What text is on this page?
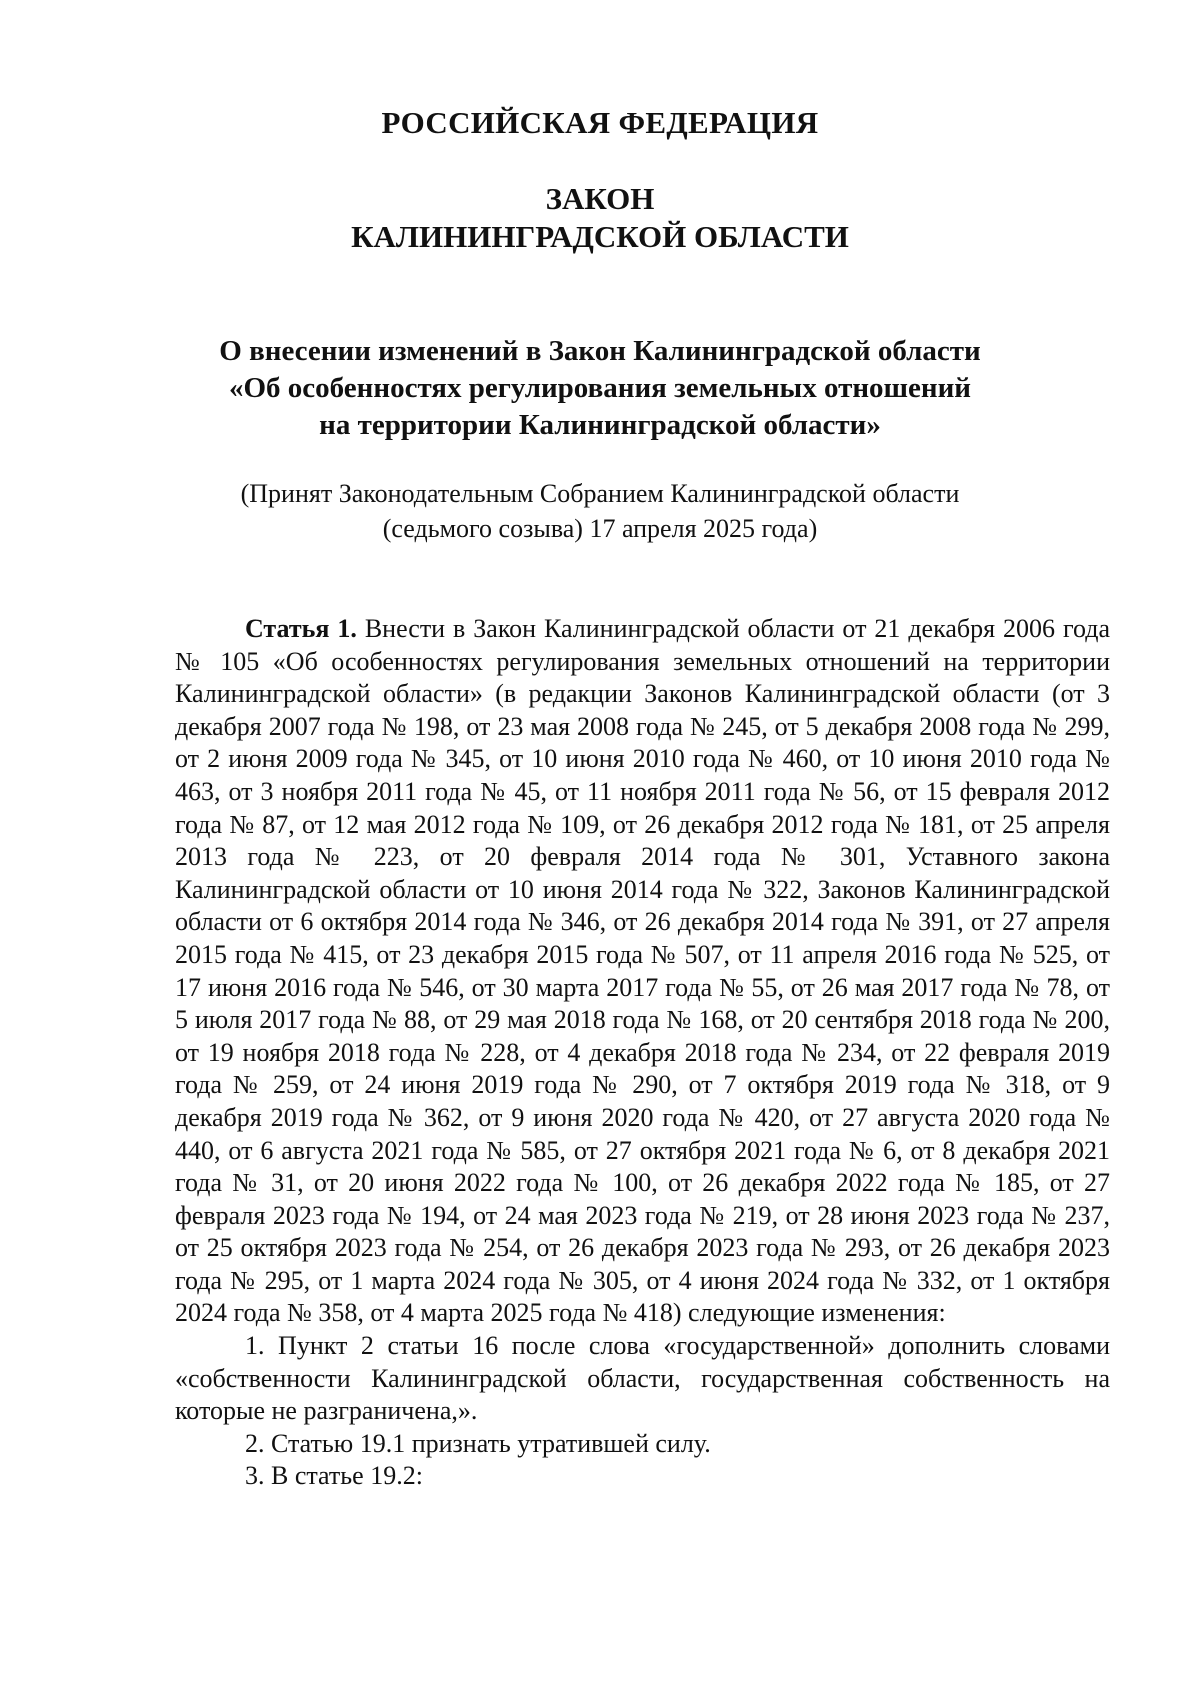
РОССИЙСКАЯ ФЕДЕРАЦИЯ
ЗАКОН
КАЛИНИНГРАДСКОЙ ОБЛАСТИ
О внесении изменений в Закон Калининградской области
«Об особенностях регулирования земельных отношений
на территории Калининградской области»
(Принят Законодательным Собранием Калининградской области
(седьмого созыва) 17 апреля 2025 года)

Статья 1. Внести в Закон Калининградской области от 21 декабря 2006 года № 105 «Об особенностях регулирования земельных отношений на территории Калининградской области» (в редакции Законов Калининградской области (от 3 декабря 2007 года № 198, от 23 мая 2008 года № 245, от 5 декабря 2008 года № 299, от 2 июня 2009 года № 345, от 10 июня 2010 года № 460, от 10 июня 2010 года № 463, от 3 ноября 2011 года № 45, от 11 ноября 2011 года № 56, от 15 февраля 2012 года № 87, от 12 мая 2012 года № 109, от 26 декабря 2012 года № 181, от 25 апреля 2013 года № 223, от 20 февраля 2014 года № 301, Уставного закона Калининградской области от 10 июня 2014 года № 322, Законов Калининградской области от 6 октября 2014 года № 346, от 26 декабря 2014 года № 391, от 27 апреля 2015 года № 415, от 23 декабря 2015 года № 507, от 11 апреля 2016 года № 525, от 17 июня 2016 года № 546, от 30 марта 2017 года № 55, от 26 мая 2017 года № 78, от 5 июля 2017 года № 88, от 29 мая 2018 года № 168, от 20 сентября 2018 года № 200, от 19 ноября 2018 года № 228, от 4 декабря 2018 года № 234, от 22 февраля 2019 года № 259, от 24 июня 2019 года № 290, от 7 октября 2019 года № 318, от 9 декабря 2019 года № 362, от 9 июня 2020 года № 420, от 27 августа 2020 года № 440, от 6 августа 2021 года № 585, от 27 октября 2021 года № 6, от 8 декабря 2021 года № 31, от 20 июня 2022 года № 100, от 26 декабря 2022 года № 185, от 27 февраля 2023 года № 194, от 24 мая 2023 года № 219, от 28 июня 2023 года № 237, от 25 октября 2023 года № 254, от 26 декабря 2023 года № 293, от 26 декабря 2023 года № 295, от 1 марта 2024 года № 305, от 4 июня 2024 года № 332, от 1 октября 2024 года № 358, от 4 марта 2025 года № 418) следующие изменения:

1. Пункт 2 статьи 16 после слова «государственной» дополнить словами «собственности Калининградской области, государственная собственность на которые не разграничена,».

2. Статью 19.1 признать утратившей силу.

3. В статье 19.2:
